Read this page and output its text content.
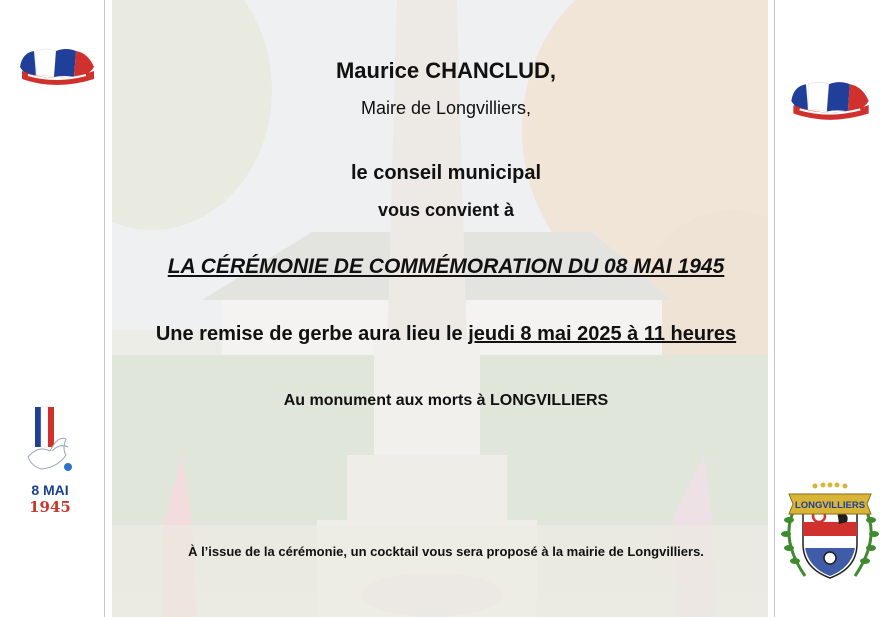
Maurice CHANCLUD,
Maire de Longvilliers,
le conseil municipal
vous convient à
LA CÉRÉMONIE DE COMMÉMORATION DU 08 MAI 1945
Une remise de gerbe aura lieu le jeudi 8 mai 2025 à 11 heures
Au monument aux morts à LONGVILLIERS
À l’issue de la cérémonie, un cocktail vous sera proposé à la mairie de Longvilliers.
8 MAI
1945	LONGVILLIERS
